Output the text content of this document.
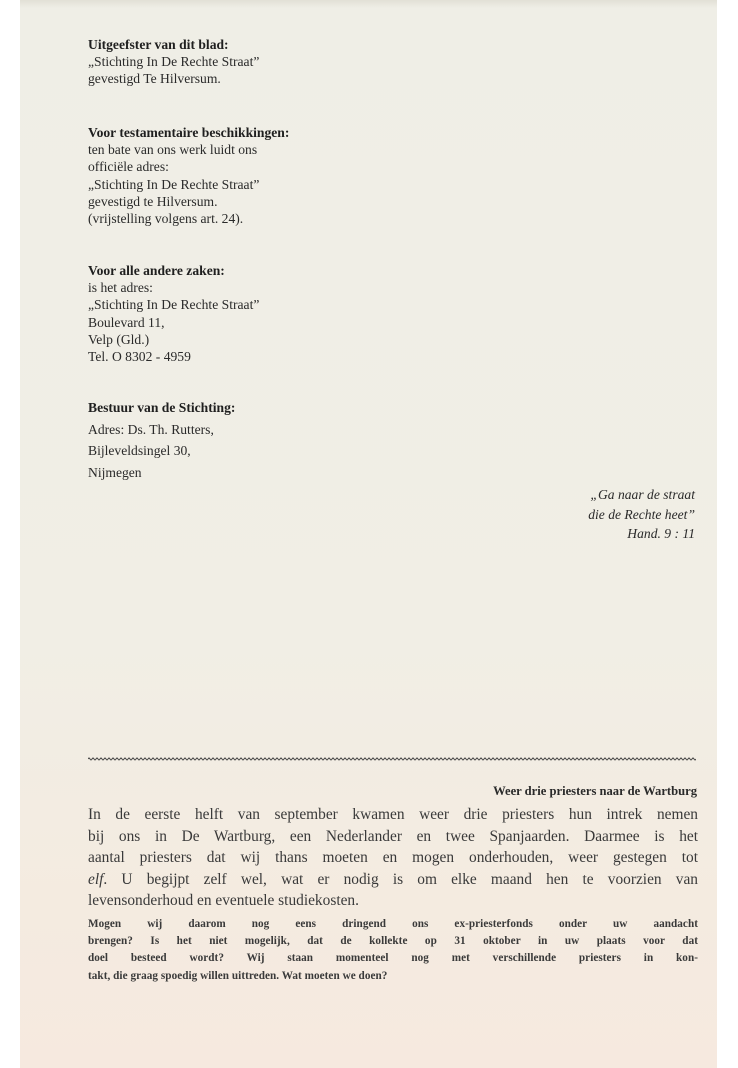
Uitgeefster van dit blad:
„Stichting In De Rechte Straat”
gevestigd Te Hilversum.
Voor testamentaire beschikkingen:
ten bate van ons werk luidt ons
officiële adres:
„Stichting In De Rechte Straat”
gevestigd te Hilversum.
(vrijstelling volgens art. 24).
Voor alle andere zaken:
is het adres:
„Stichting In De Rechte Straat”
Boulevard 11,
Velp (Gld.)
Tel. O 8302 - 4959
Bestuur van de Stichting:
Adres: Ds. Th. Rutters,
Bijleveldsingel 30,
Nijmegen
„Ga naar de straat
die de Rechte heet”
Hand. 9 : 11
Weer drie priesters naar de Wartburg
In de eerste helft van september kwamen weer drie priesters hun intrek nemen
bij ons in De Wartburg, een Nederlander en twee Spanjaarden. Daarmee is het
aantal priesters dat wij thans moeten en mogen onderhouden, weer gestegen tot
elf. U begijpt zelf wel, wat er nodig is om elke maand hen te voorzien van
levensonderhoud en eventuele studiekosten.
Mogen wij daarom nog eens dringend ons ex-priesterfonds onder uw aandacht
brengen? Is het niet mogelijk, dat de kollekte op 31 oktober in uw plaats voor dat
doel besteed wordt? Wij staan momenteel nog met verschillende priesters in kon-
takt, die graag spoedig willen uittreden. Wat moeten we doen?
